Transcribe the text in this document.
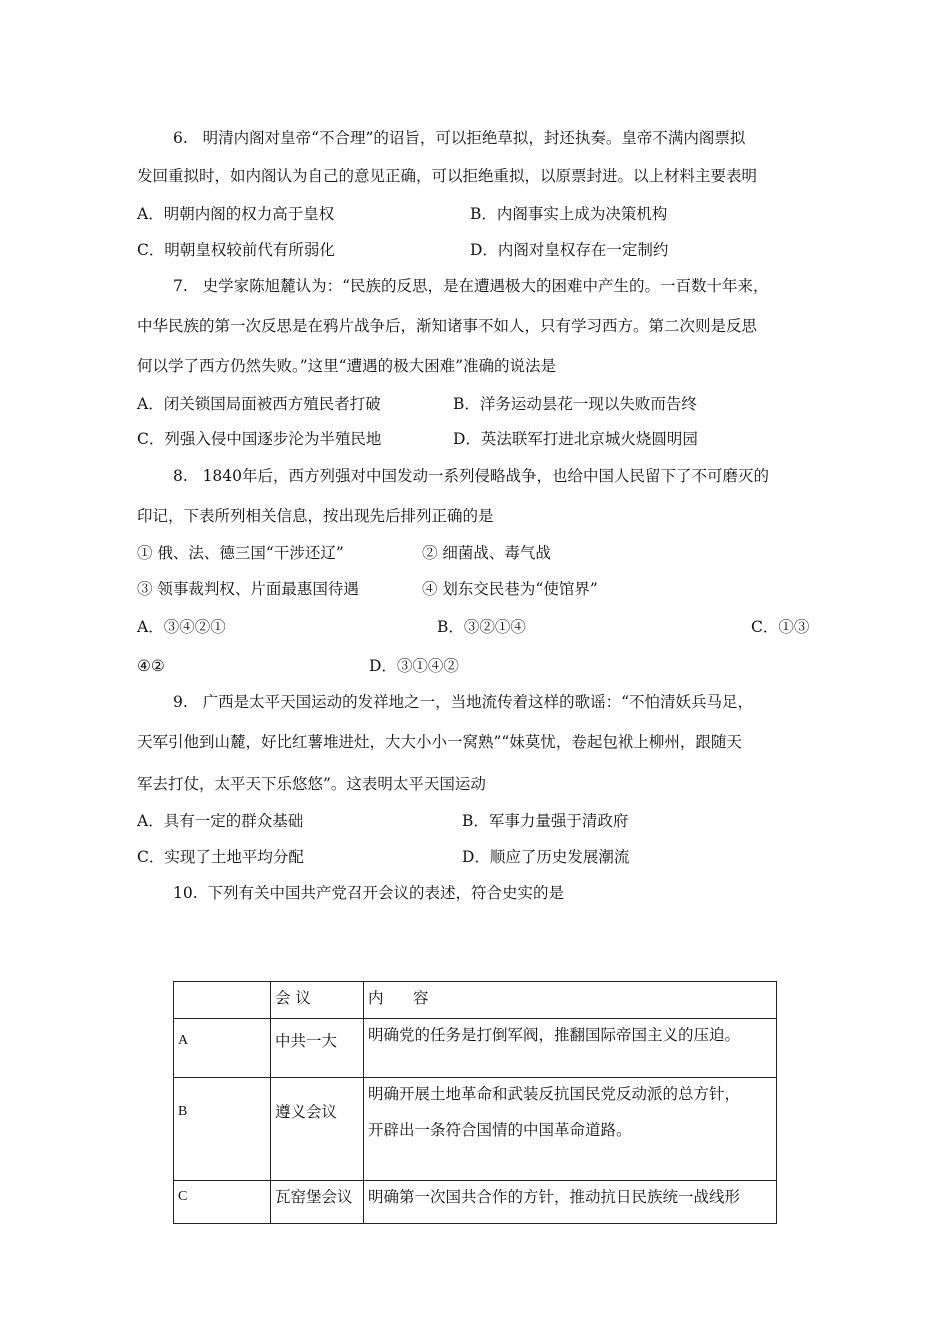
6.   明清内阁对皇帝“不合理”的诏旨，可以拒绝草拟，封还执奏。皇帝不满内阁票拟
发回重拟时，如内阁认为自己的意见正确，可以拒绝重拟，以原票封进。以上材料主要表明
A．明朝内阁的权力高于皇权	B．内阁事实上成为决策机构
C．明朝皇权较前代有所弱化	D．内阁对皇权存在一定制约
7.   史学家陈旭麓认为：“民族的反思，是在遭遇极大的困难中产生的。一百数十年来，
中华民族的第一次反思是在鸦片战争后，渐知诸事不如人，只有学习西方。第二次则是反思
何以学了西方仍然失败。”这里“遭遇的极大困难”准确的说法是
A．闭关锁国局面被西方殖民者打破	B．洋务运动昙花一现以失败而告终
C．列强入侵中国逐步沦为半殖民地	D．英法联军打进北京城火烧圆明园
8.   1840年后，西方列强对中国发动一系列侵略战争，也给中国人民留下了不可磨灭的
印记，下表所列相关信息，按出现先后排列正确的是
① 俄、法、德三国“干涉还辽”	② 细菌战、毒气战
③ 领事裁判权、片面最惠国待遇	④ 划东交民巷为“使馆界”
A．③④②①	B．③②①④	C．①③
④②	D．③①④②
9.   广西是太平天国运动的发祥地之一，当地流传着这样的歌谣：“不怕清妖兵马足，
天军引他到山麓，好比红薯堆进灶，大大小小一窝熟”“妹莫忧，卷起包袱上柳州，跟随天
军去打仗，太平天下乐悠悠”。这表明太平天国运动
A．具有一定的群众基础	B．军事力量强于清政府
C．实现了土地平均分配	D．顺应了历史发展潮流
10.  下列有关中国共产党召开会议的表述，符合史实的是
	会 议	内      容
A	中共一大	明确党的任务是打倒军阀，推翻国际帝国主义的压迫。

B	遵义会议	明确开展土地革命和武装反抗国民党反动派的总方针，
开辟出一条符合国情的中国革命道路。

C	瓦窑堡会议	明确第一次国共合作的方针，推动抗日民族统一战线形
